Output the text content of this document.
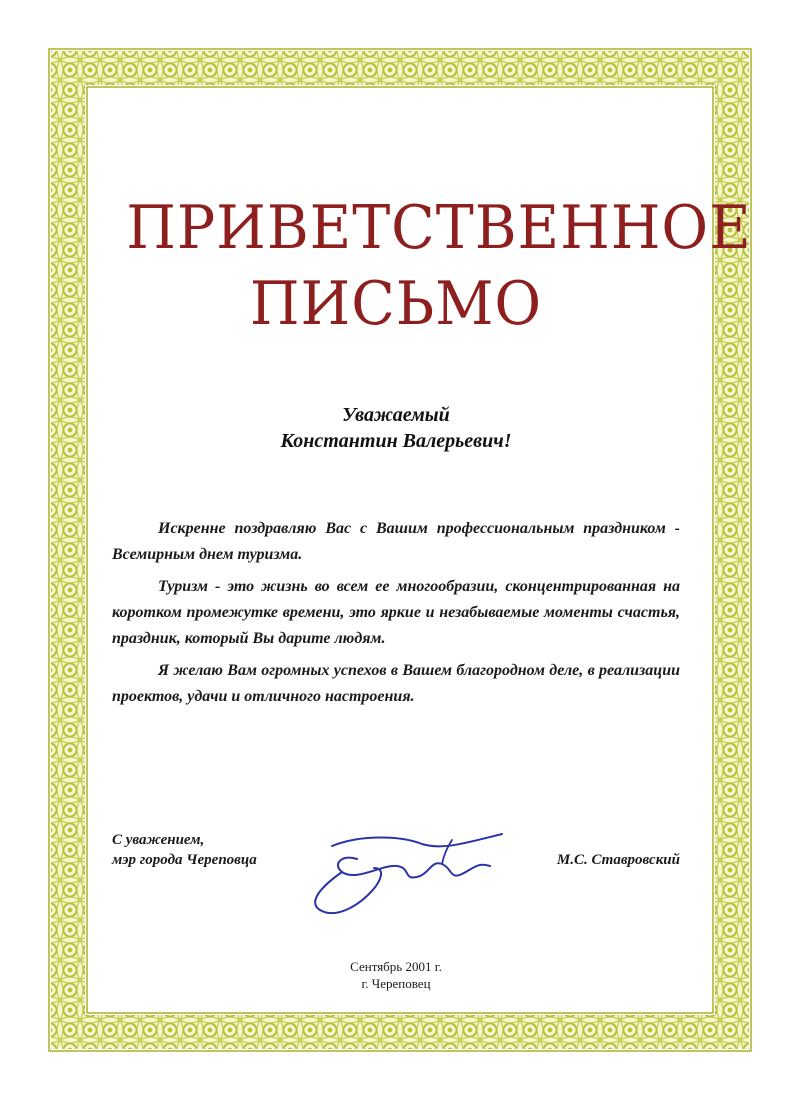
ПРИВЕТСТВЕННОЕ
ПИСЬМО
Уважаемый
Константин Валерьевич!

Искренне поздравляю Вас с Вашим профессиональным праздником - Всемирным днем туризма.

Туризм - это жизнь во всем ее многообразии, сконцентрированная на коротком промежутке времени, это яркие и незабываемые моменты счастья, праздник, который Вы дарите людям.

Я желаю Вам огромных успехов в Вашем благородном деле, в реализации проектов, удачи и отличного настроения.

С уважением,
мэр города Череповца	М.С. Ставровский
Сентябрь 2001 г.
г. Череповец
